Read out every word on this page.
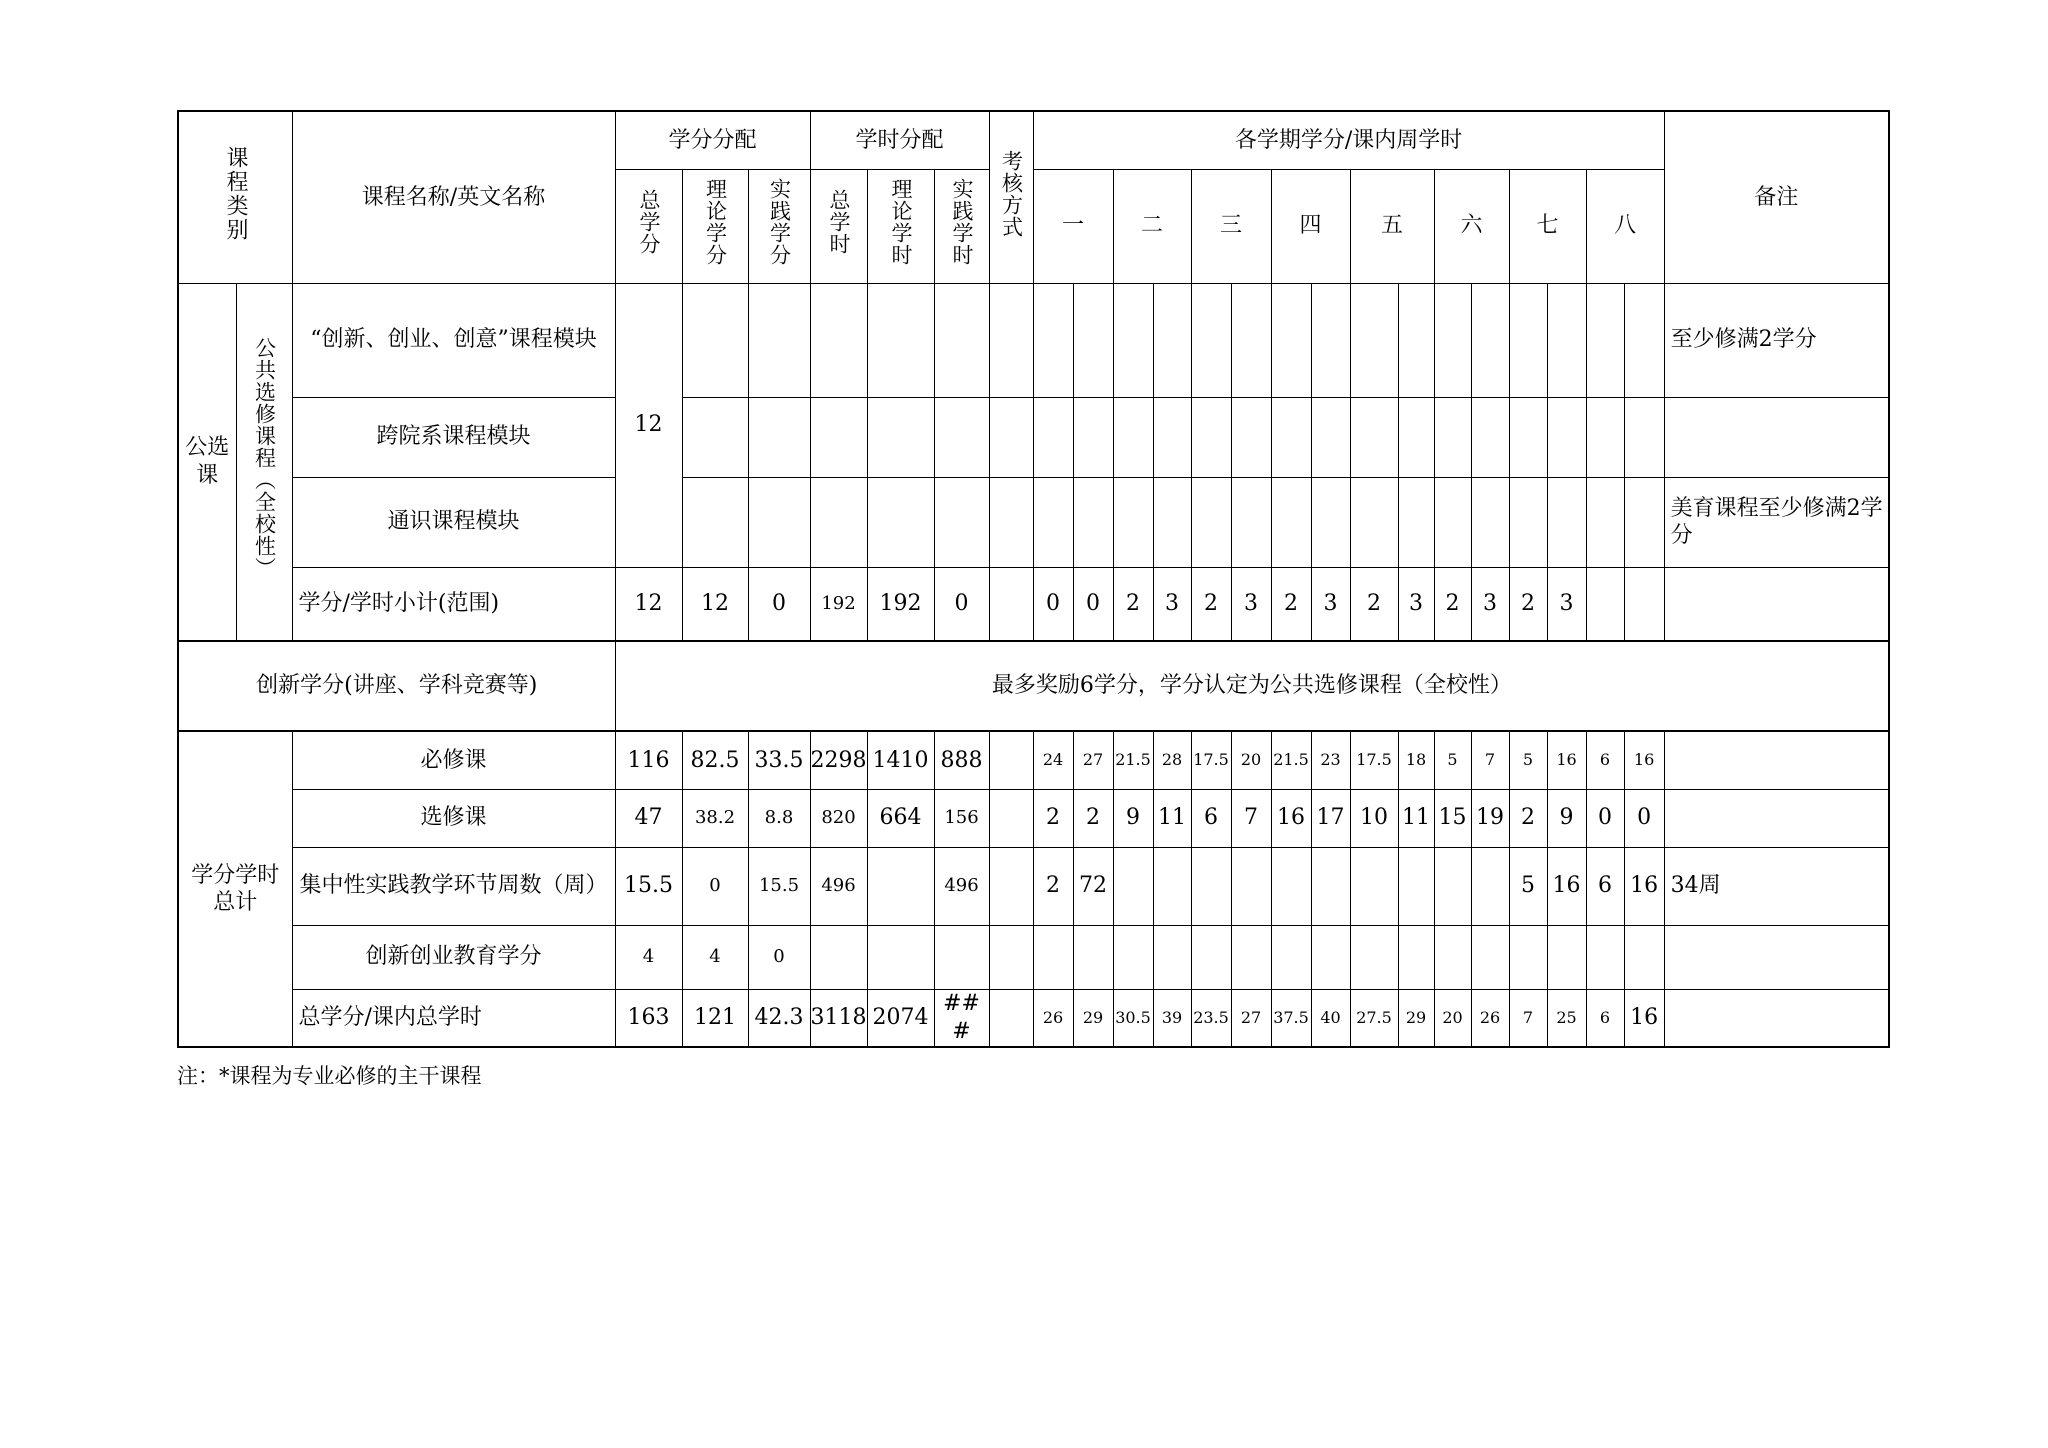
课程类别		课程名称/英文名称	学分分配			学时分配			考核方式	各学期学分/课内周学时																备注
			总学分	理论学分	实践学分	总学时	理论学时	实践学时		一		二		三		四		五		六		七		八		
公选课	公共选修课程（全校性）	“创新、创业、创意”课程模块	12																							至少修满2学分
		跨院系课程模块																								
		通识课程模块																								美育课程至少修满2学分
		学分/学时小计(范围)	12	12	0	192	192	0		0	0	2	3	2	3	2	3	2	3	2	3	2	3			
创新学分(讲座、学科竞赛等)			最多奖励6学分，学分认定为公共选修课程（全校性）																							
学分学时总计		必修课	116	82.5	33.5	2298	1410	888		24	27	21.5	28	17.5	20	21.5	23	17.5	18	5	7	5	16	6	16	
		选修课	47	38.2	8.8	820	664	156		2	2	9	11	6	7	16	17	10	11	15	19	2	9	0	0	
		集中性实践教学环节周数（周）	15.5	0	15.5	496		496		2	72											5	16	6	16	34周
		创新创业教育学分	4	4	0																					
		总学分/课内总学时	163	121	42.3	3118	2074	###		26	29	30.5	39	23.5	27	37.5	40	27.5	29	20	26	7	25	6	16	
注：*课程为专业必修的主干课程
